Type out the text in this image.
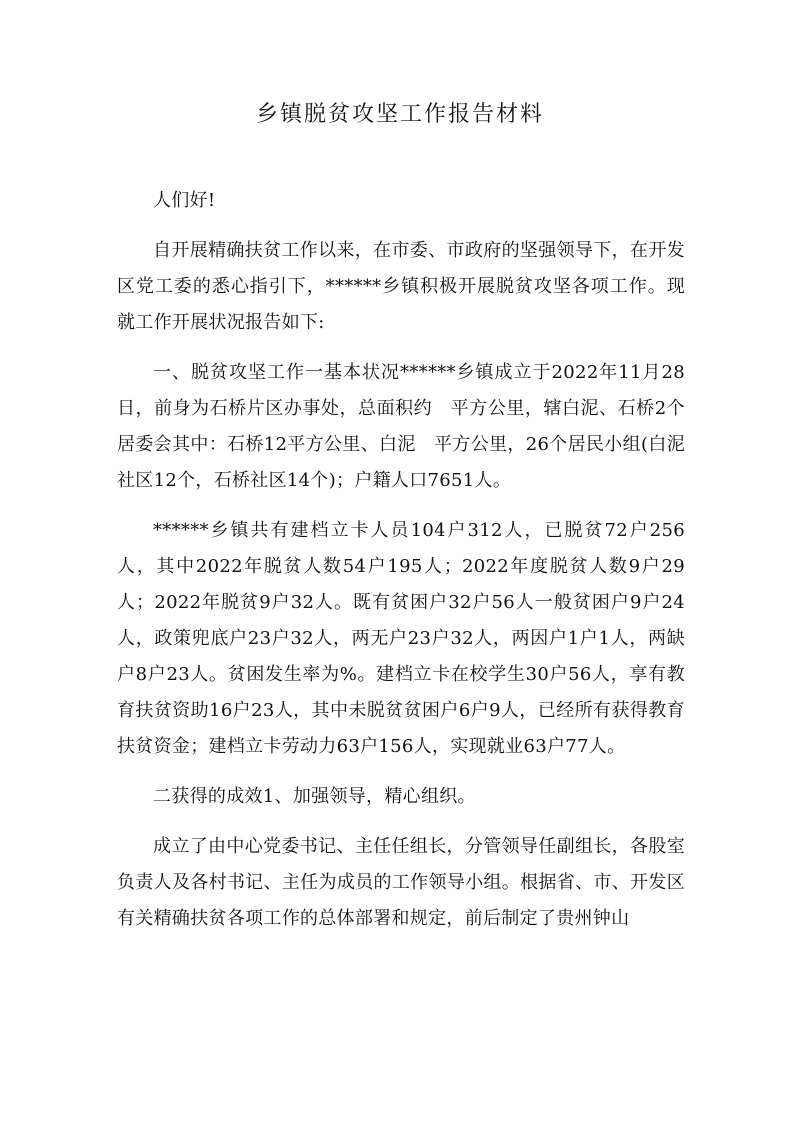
乡镇脱贫攻坚工作报告材料

人们好!

自开展精确扶贫工作以来，在市委、市政府的坚强领导下，在开发区党工委的悉心指引下，******乡镇积极开展脱贫攻坚各项工作。现就工作开展状况报告如下:

一、脱贫攻坚工作一基本状况******乡镇成立于2022年11月28日，前身为石桥片区办事处，总面积约　平方公里，辖白泥、石桥2个居委会其中：石桥12平方公里、白泥　平方公里，26个居民小组(白泥社区12个，石桥社区14个)；户籍人口7651人。

******乡镇共有建档立卡人员104户312人，已脱贫72户256人，其中2022年脱贫人数54户195人；2022年度脱贫人数9户29人；2022年脱贫9户32人。既有贫困户32户56人一般贫困户9户24人，政策兜底户23户32人，两无户23户32人，两因户1户1人，两缺户8户23人。贫困发生率为%。建档立卡在校学生30户56人，享有教育扶贫资助16户23人，其中未脱贫贫困户6户9人，已经所有获得教育扶贫资金；建档立卡劳动力63户156人，实现就业63户77人。

二获得的成效1、加强领导，精心组织。

成立了由中心党委书记、主任任组长，分管领导任副组长，各股室负责人及各村书记、主任为成员的工作领导小组。根据省、市、开发区有关精确扶贫各项工作的总体部署和规定，前后制定了贵州钟山
